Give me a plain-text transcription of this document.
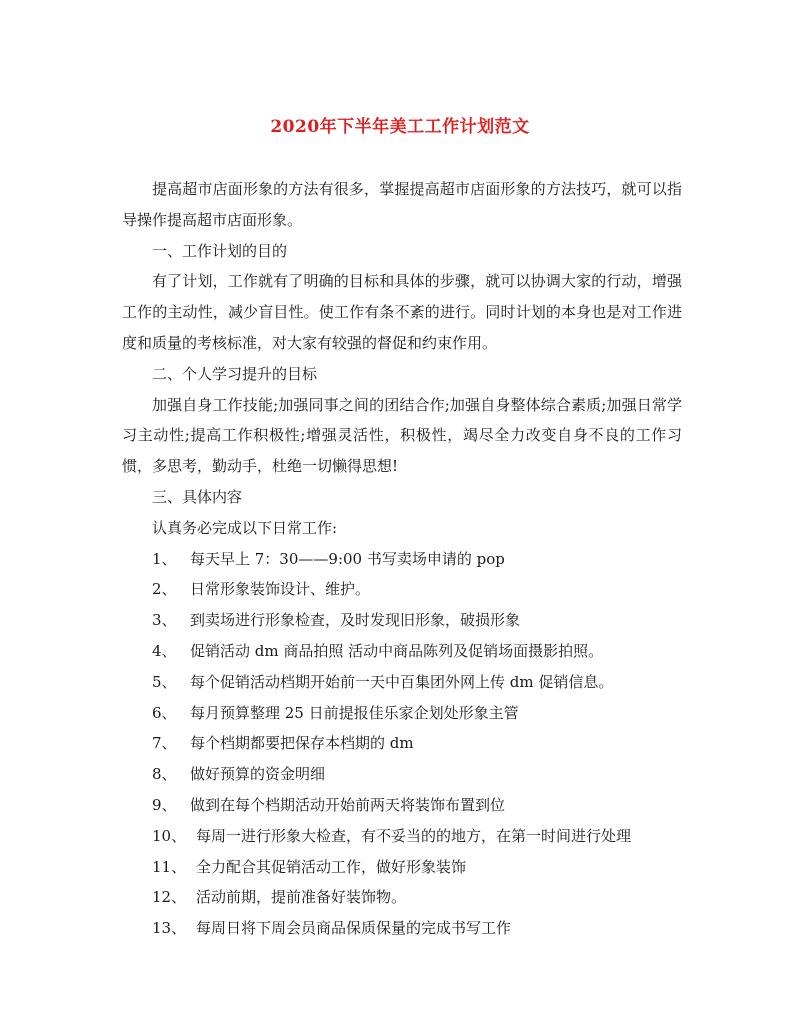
2020年下半年美工工作计划范文

提高超市店面形象的方法有很多，掌握提高超市店面形象的方法技巧，就可以指导操作提高超市店面形象。

一、工作计划的目的

有了计划，工作就有了明确的目标和具体的步骤，就可以协调大家的行动，增强工作的主动性，减少盲目性。使工作有条不紊的进行。同时计划的本身也是对工作进度和质量的考核标准，对大家有较强的督促和约束作用。

二、个人学习提升的目标

加强自身工作技能;加强同事之间的团结合作;加强自身整体综合素质;加强日常学习主动性;提高工作积极性;增强灵活性，积极性，竭尽全力改变自身不良的工作习惯，多思考，勤动手，杜绝一切懒得思想!

三、具体内容

认真务必完成以下日常工作:

1、 每天早上 7：30——9:00 书写卖场申请的 pop

2、 日常形象装饰设计、维护。

3、 到卖场进行形象检查，及时发现旧形象，破损形象

4、 促销活动 dm 商品拍照 活动中商品陈列及促销场面摄影拍照。

5、 每个促销活动档期开始前一天中百集团外网上传 dm 促销信息。

6、 每月预算整理 25 日前提报佳乐家企划处形象主管

7、 每个档期都要把保存本档期的 dm

8、 做好预算的资金明细

9、 做到在每个档期活动开始前两天将装饰布置到位

10、 每周一进行形象大检查，有不妥当的的地方，在第一时间进行处理

11、 全力配合其促销活动工作，做好形象装饰

12、 活动前期，提前准备好装饰物。

13、 每周日将下周会员商品保质保量的完成书写工作
